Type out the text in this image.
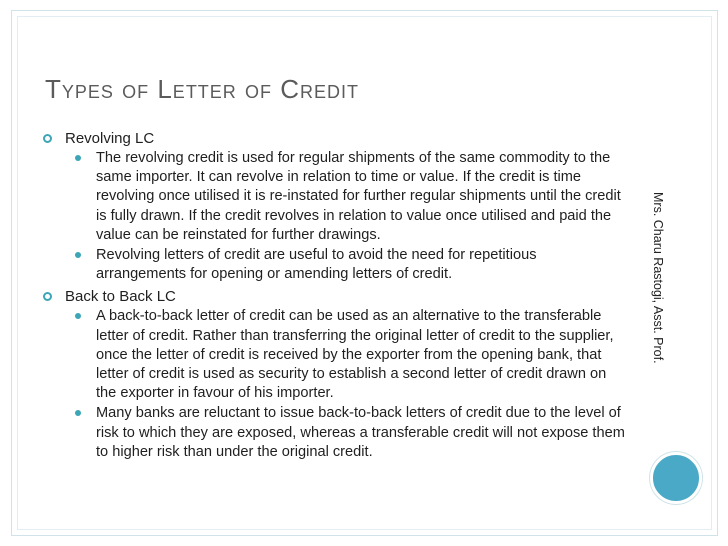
Types of Letter of Credit
Revolving LC
The revolving credit is used for regular shipments of the same commodity to the same importer. It can revolve in relation to time or value. If the credit is time revolving once utilised it is re-instated for further regular shipments until the credit is fully drawn. If the credit revolves in relation to value once utilised and paid the value can be reinstated for further drawings.
Revolving letters of credit are useful to avoid the need for repetitious arrangements for opening or amending letters of credit.
Back to Back LC
A back-to-back letter of credit can be used as an alternative to the transferable letter of credit. Rather than transferring the original letter of credit to the supplier, once the letter of credit is received by the exporter from the opening bank, that letter of credit is used as security to establish a second letter of credit drawn on the exporter in favour of his importer.
Many banks are reluctant to issue back-to-back letters of credit due to the level of risk to which they are exposed, whereas a transferable credit will not expose them to higher risk than under the original credit.
Mrs. Charu Rastogi, Asst. Prof.
